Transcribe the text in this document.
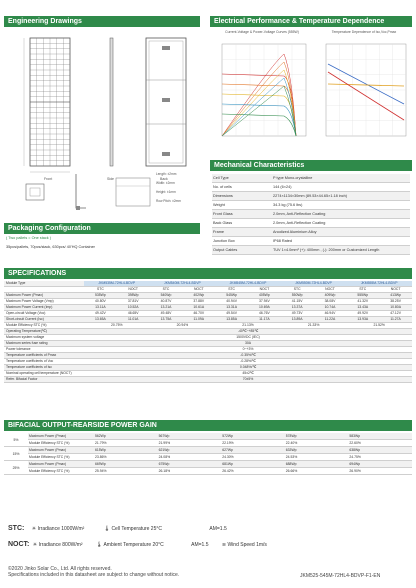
Engineering Drawings
Front	Side	Back
Length: ±2mm
Width: ±2mm
Height: ±1mm
Row Pitch: ±2mm
Electrical Performance & Temperature Dependence
Current-Voltage & Power-Voltage Curves (555W)	Temperature Dependence of Isc,Voc,Pmax
Mechanical Characteristics
Cell Type	P type Mono-crystalline
No. of cells	144 (6×24)
Dimensions	2274×1134×30mm (89.53×44.65×1.18 inch)
Weight	34.3 kg (75.6 lbs)
Front Glass	2.0mm, Anti-Reflection Coating
Back Glass	2.0mm, Anti-Reflection Coating
Frame	Anodized Aluminium Alloy
Junction Box	IP68 Rated
Output Cables	TUV 1×4.0mm² (+): 400mm , (-): 200mm or Customized Length
Packaging Configuration
( Two pallets = One stack )
35pcs/pallets, 70pcs/stack, 630pcs/ 40'HQ Container
SPECIFICATIONS
Module Type	JKM535M-72HL4-BDVP		JKM540M-72HL4-BDVP		JKM545M-72HL4-BDVP		JKM550M-72HL4-BDVP		JKM555M-72HL4-BDVP	
	STC	NOCT	STC	NOCT	STC	NOCT	STC	NOCT	STC	NOCT
Maximum Power (Pmax)	535Wp	398Wp	540Wp	402Wp	545Wp	405Wp	550Wp	409Wp	555Wp	413Wp
Maximum Power Voltage (Vmp)	40.80V	37.81V	40.87V	37.88V	40.94V	37.94V	41.15V	38.08V	41.32V	38.25V
Maximum Power Current (Imp)	13.11A	10.52A	13.21A	10.61A	13.31A	10.69A	13.37A	10.74A	13.43A	10.80A
Open-circuit Voltage (Voc)	49.42V	46.65V	49.48V	46.70V	49.54V	46.76V	49.73V	46.94V	49.92V	47.12V
Short-circuit Current (Isc)	13.65A	11.01A	13.75A	11.09A	13.85A	11.17A	13.89A	11.22A	13.93A	11.27A
Module Efficiency STC (%)	20.75%		20.94%		21.13%		21.33%		21.52%	
Operating Temperature(℃)	-40℃~+85℃									
Maximum system voltage	1500VDC (IEC)									
Maximum series fuse rating	30A									
Power tolerance	0~+3%									
Temperature coefficients of Pmax	-0.35%/℃									
Temperature coefficients of Voc	-0.28%/℃									
Temperature coefficients of Isc	0.048%/℃									
Nominal operating cell temperature (NOCT)	45±2℃									
Refer. Bifacial Factor	70±5%									
BIFACIAL OUTPUT-REARSIDE POWER GAIN
5%	Maximum Power (Pmax)	562Wp	567Wp	572Wp	578Wp	583Wp
	Module Efficiency STC (%)	21.79%	21.99%	22.19%	22.40%	22.60%
15%	Maximum Power (Pmax)	615Wp	621Wp	627Wp	633Wp	638Wp
	Module Efficiency STC (%)	23.86%	24.08%	24.30%	24.53%	24.75%
25%	Maximum Power (Pmax)	669Wp	675Wp	681Wp	688Wp	694Wp
	Module Efficiency STC (%)	25.94%	26.18%	26.42%	26.66%	26.90%
STC: ☀ Irradiance 1000W/m²	🌡 Cell Temperature 25°C	AM=1.5
NOCT: ☀ Irradiance 800W/m²	🌡 Ambient Temperature 20°C	AM=1.5	≋ Wind Speed 1m/s
©2020 Jinko Solar Co., Ltd. All rights reserved.
Specifications included in this datasheet are subject to change without notice.	JKM525-545M-72HL4-BDVP-F1-EN
